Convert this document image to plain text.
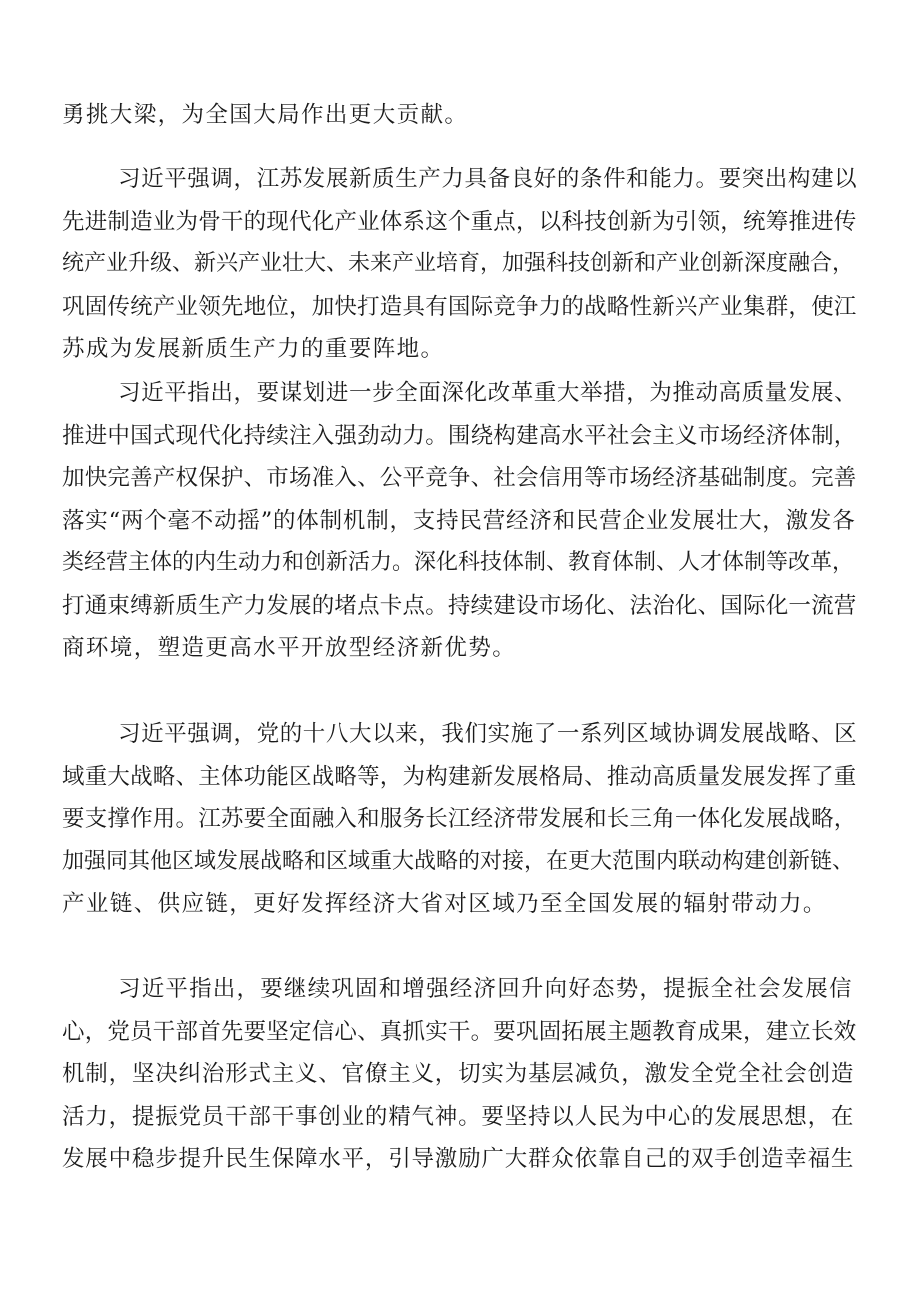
勇挑大梁，为全国大局作出更大贡献。

习近平强调，江苏发展新质生产力具备良好的条件和能力。要突出构建以
先进制造业为骨干的现代化产业体系这个重点，以科技创新为引领，统筹推进传
统产业升级、新兴产业壮大、未来产业培育，加强科技创新和产业创新深度融合，
巩固传统产业领先地位，加快打造具有国际竞争力的战略性新兴产业集群，使江
苏成为发展新质生产力的重要阵地。

习近平指出，要谋划进一步全面深化改革重大举措，为推动高质量发展、
推进中国式现代化持续注入强劲动力。围绕构建高水平社会主义市场经济体制，
加快完善产权保护、市场准入、公平竞争、社会信用等市场经济基础制度。完善
落实“两个毫不动摇”的体制机制，支持民营经济和民营企业发展壮大，激发各
类经营主体的内生动力和创新活力。深化科技体制、教育体制、人才体制等改革，
打通束缚新质生产力发展的堵点卡点。持续建设市场化、法治化、国际化一流营
商环境，塑造更高水平开放型经济新优势。

习近平强调，党的十八大以来，我们实施了一系列区域协调发展战略、区
域重大战略、主体功能区战略等，为构建新发展格局、推动高质量发展发挥了重
要支撑作用。江苏要全面融入和服务长江经济带发展和长三角一体化发展战略，
加强同其他区域发展战略和区域重大战略的对接，在更大范围内联动构建创新链、
产业链、供应链，更好发挥经济大省对区域乃至全国发展的辐射带动力。

习近平指出，要继续巩固和增强经济回升向好态势，提振全社会发展信
心，党员干部首先要坚定信心、真抓实干。要巩固拓展主题教育成果，建立长效
机制，坚决纠治形式主义、官僚主义，切实为基层减负，激发全党全社会创造
活力，提振党员干部干事创业的精气神。要坚持以人民为中心的发展思想，在
发展中稳步提升民生保障水平，引导激励广大群众依靠自己的双手创造幸福生
